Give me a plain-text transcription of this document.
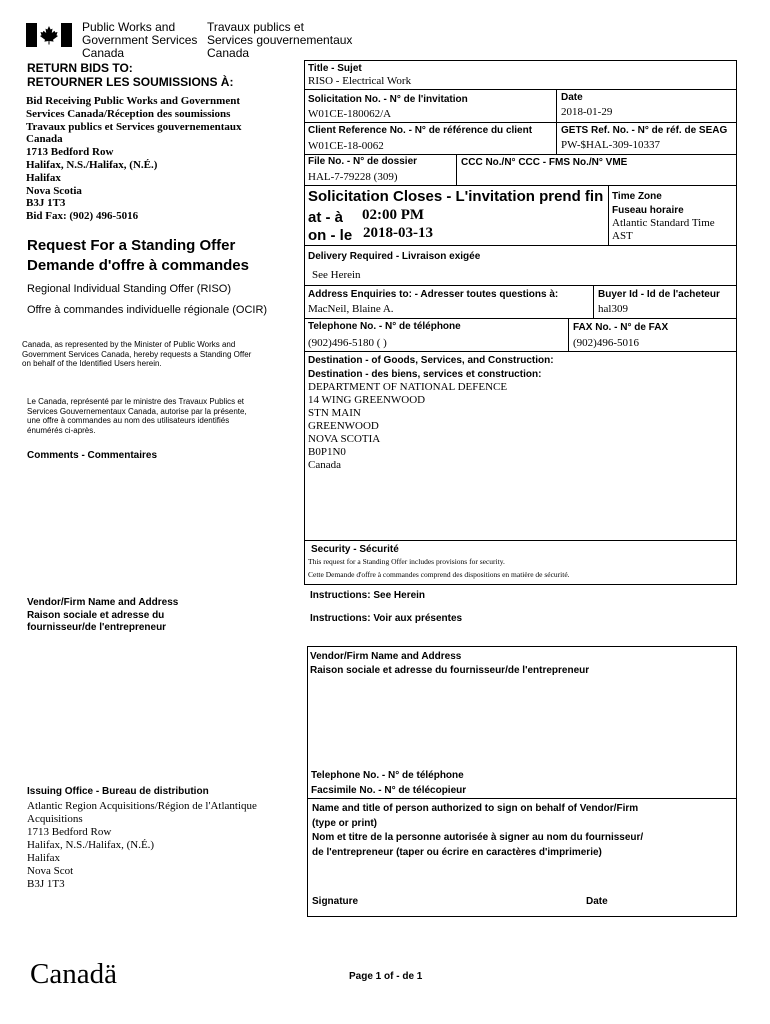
Public Works and
Government Services
Canada
Travaux publics et
Services gouvernementaux
Canada
RETURN BIDS TO:
RETOURNER LES SOUMISSIONS À:
Bid Receiving Public Works and Government
Services Canada/Réception des soumissions
Travaux publics et Services gouvernementaux
Canada
1713 Bedford Row
Halifax, N.S./Halifax, (N.É.)
Halifax
Nova Scotia
B3J 1T3
Bid Fax: (902) 496-5016
Request For a Standing Offer
Demande d'offre à commandes
Regional Individual Standing Offer (RISO)
Offre à commandes individuelle régionale (OCIR)
Canada, as represented by the Minister of Public Works and
Government Services Canada, hereby requests a Standing Offer
on behalf of the Identified Users herein.
Le Canada, représenté par le ministre des Travaux Publics et
Services Gouvernementaux Canada, autorise par la présente,
une offre à commandes au nom des utilisateurs identifiés
énumérés ci-après.
Comments - Commentaires
Vendor/Firm Name and Address
Raison sociale et adresse du
fournisseur/de l'entrepreneur
Issuing Office - Bureau de distribution
Atlantic Region Acquisitions/Région de l'Atlantique
Acquisitions
1713 Bedford Row
Halifax, N.S./Halifax, (N.É.)
Halifax
Nova Scot
B3J 1T3
Title - Sujet
RISO - Electrical Work
Solicitation No. - N° de l'invitation
W01CE-180062/A
Date
2018-01-29
Client Reference No. - N° de référence du client
W01CE-18-0062
GETS Ref. No. - N° de réf. de SEAG
PW-$HAL-309-10337
File No. - N° de dossier
HAL-7-79228 (309)
CCC No./N° CCC - FMS No./N° VME
Solicitation Closes - L'invitation prend fin
at - à 02:00 PM
on - le 2018-03-13
Time Zone
Fuseau horaire
Atlantic Standard Time
AST
Delivery Required - Livraison exigée
See Herein
Address Enquiries to: - Adresser toutes questions à:
MacNeil, Blaine A.
Buyer Id - Id de l'acheteur
hal309
Telephone No. - N° de téléphone
(902)496-5180 ( )
FAX No. - N° de FAX
(902)496-5016
Destination - of Goods, Services, and Construction:
Destination - des biens, services et construction:
DEPARTMENT OF NATIONAL DEFENCE
14 WING GREENWOOD
STN MAIN
GREENWOOD
NOVA SCOTIA
B0P1N0
Canada
Security - Sécurité
This request for a Standing Offer includes provisions for security.
Cette Demande d'offre à commandes comprend des dispositions en matière de sécurité.
Instructions: See Herein
Instructions: Voir aux présentes
Vendor/Firm Name and Address
Raison sociale et adresse du fournisseur/de l'entrepreneur
Telephone No. - N° de téléphone
Facsimile No. - N° de télécopieur
Name and title of person authorized to sign on behalf of Vendor/Firm
(type or print)
Nom et titre de la personne autorisée à signer au nom du fournisseur/
de l'entrepreneur (taper ou écrire en caractères d'imprimerie)
Signature	Date
Canadä	Page 1 of - de 1
